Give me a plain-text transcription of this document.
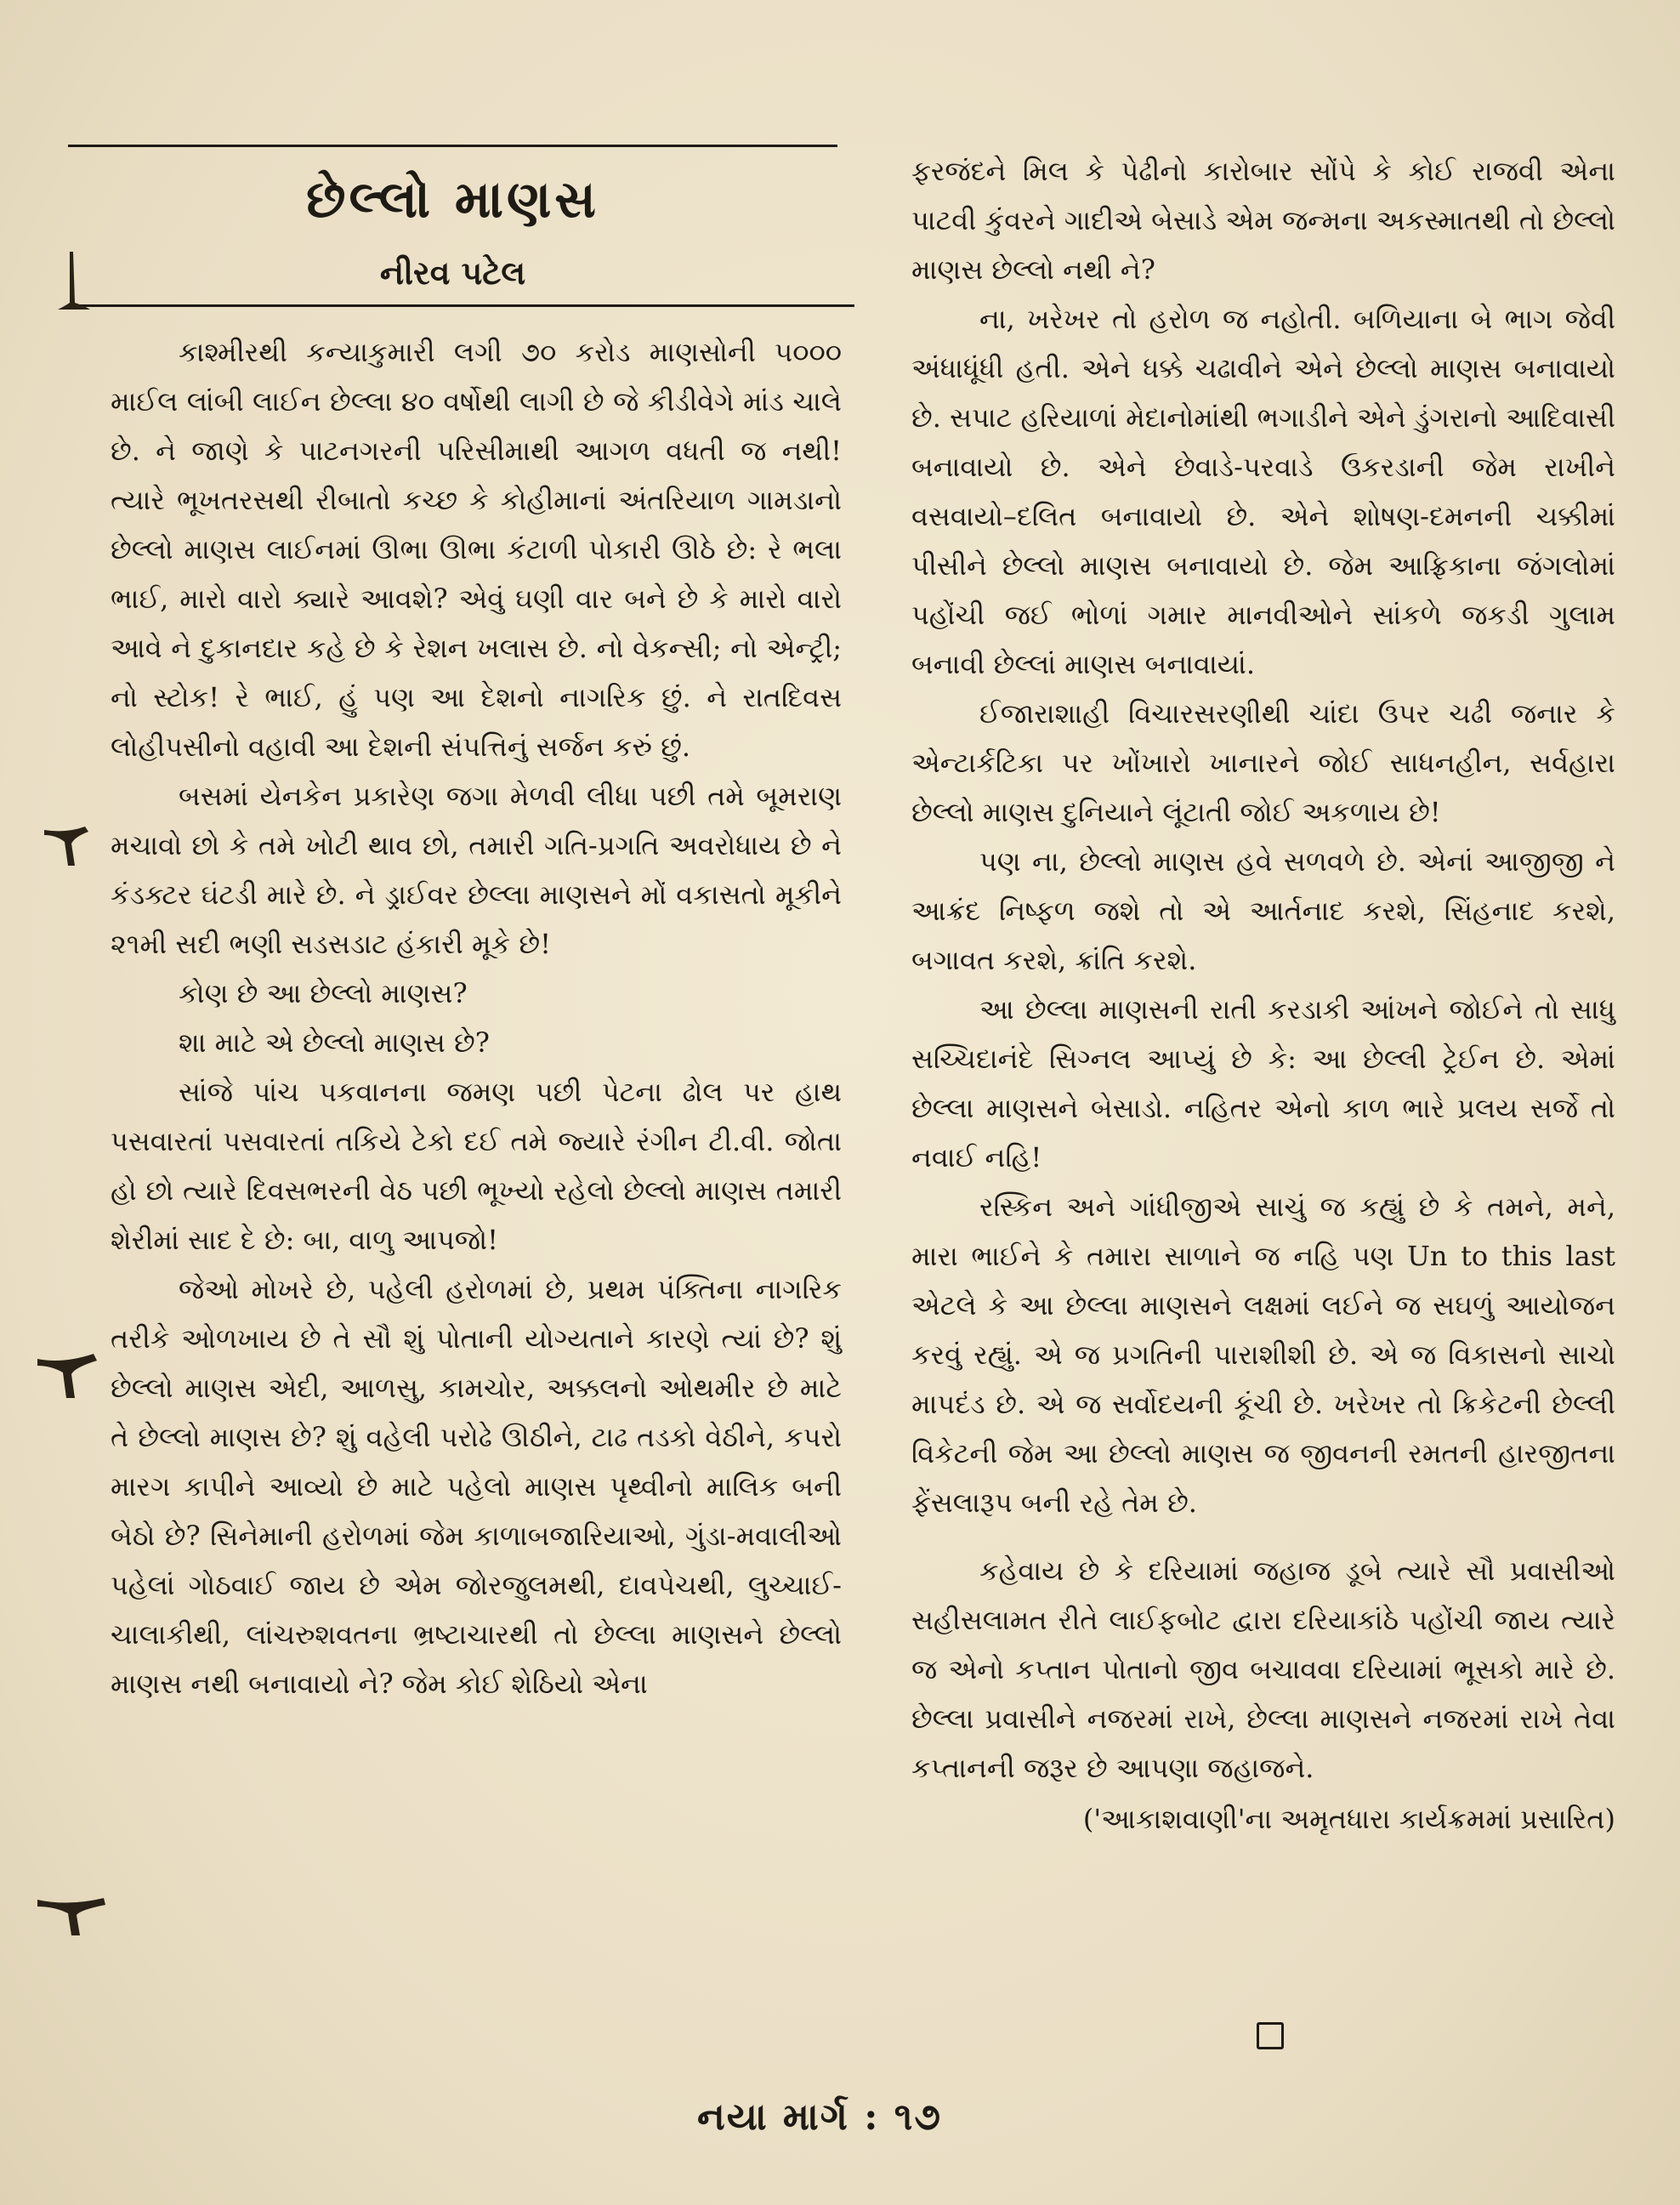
છેલ્લો માણસ
નીરવ પટેલ

કાશ્મીરથી કન્યાકુમારી લગી ૭૦ કરોડ માણસોની ૫૦૦૦ માઈલ લાંબી લાઈન છેલ્લા ૪૦ વર્ષોથી લાગી છે જે કીડીવેગે માંડ ચાલે છે. ને જાણે કે પાટનગરની પરિસીમાથી આગળ વધતી જ નથી! ત્યારે ભૂખતરસથી રીબાતો કચ્છ કે કોહીમાનાં અંતરિયાળ ગામડાનો છેલ્લો માણસ લાઈનમાં ઊભા ઊભા કંટાળી પોકારી ઊઠે છે: રે ભલા ભાઈ, મારો વારો ક્યારે આવશે? એવું ઘણી વાર બને છે કે મારો વારો આવે ને દુકાનદાર કહે છે કે રેશન ખલાસ છે. નો વેકન્સી; નો એન્ટ્રી; નો સ્ટોક! રે ભાઈ, હું પણ આ દેશનો નાગરિક છું. ને રાતદિવસ લોહીપસીનો વહાવી આ દેશની સંપત્તિનું સર્જન કરું છું.

બસમાં યેનકેન પ્રકારેણ જગા મેળવી લીધા પછી તમે બૂમરાણ મચાવો છો કે તમે ખોટી થાવ છો, તમારી ગતિ-પ્રગતિ અવરોધાય છે ને કંડક્ટર ઘંટડી મારે છે. ને ડ્રાઈવર છેલ્લા માણસને મોં વકાસતો મૂકીને ૨૧મી સદી ભણી સડસડાટ હંકારી મૂકે છે!

કોણ છે આ છેલ્લો માણસ?

શા માટે એ છેલ્લો માણસ છે?

સાંજે પાંચ પકવાનના જમણ પછી પેટના ઢોલ પર હાથ પસવારતાં પસવારતાં તકિયે ટેકો દઈ તમે જ્યારે રંગીન ટી.વી. જોતા હો છો ત્યારે દિવસભરની વેઠ પછી ભૂખ્યો રહેલો છેલ્લો માણસ તમારી શેરીમાં સાદ દે છે: બા, વાળુ આપજો!

જેઓ મોખરે છે, પહેલી હરોળમાં છે, પ્રથમ પંક્તિના નાગરિક તરીકે ઓળખાય છે તે સૌ શું પોતાની યોગ્યતાને કારણે ત્યાં છે? શું છેલ્લો માણસ એદી, આળસુ, કામચોર, અક્કલનો ઓથમીર છે માટે તે છેલ્લો માણસ છે? શું વહેલી પરોઢે ઊઠીને, ટાઢ તડકો વેઠીને, કપરો મારગ કાપીને આવ્યો છે માટે પહેલો માણસ પૃથ્વીનો માલિક બની બેઠો છે? સિનેમાની હરોળમાં જેમ કાળાબજારિયાઓ, ગુંડા-મવાલીઓ પહેલાં ગોઠવાઈ જાય છે એમ જોરજુલમથી, દાવપેચથી, લુચ્ચાઈ-ચાલાકીથી, લાંચરુશવતના ભ્રષ્ટાચારથી તો છેલ્લા માણસને છેલ્લો માણસ નથી બનાવાયો ને? જેમ કોઈ શેઠિયો એના

ફરજંદને મિલ કે પેઢીનો કારોબાર સોંપે કે કોઈ રાજવી એના પાટવી કુંવરને ગાદીએ બેસાડે એમ જન્મના અકસ્માતથી તો છેલ્લો માણસ છેલ્લો નથી ને?

ના, ખરેખર તો હરોળ જ નહોતી. બળિયાના બે ભાગ જેવી અંધાધૂંધી હતી. એને ધક્કે ચઢાવીને એને છેલ્લો માણસ બનાવાયો છે. સપાટ હરિયાળાં મેદાનોમાંથી ભગાડીને એને ડુંગરાનો આદિવાસી બનાવાયો છે. એને છેવાડે-પરવાડે ઉકરડાની જેમ રાખીને વસવાયો–દલિત બનાવાયો છે. એને શોષણ-દમનની ચક્કીમાં પીસીને છેલ્લો માણસ બનાવાયો છે. જેમ આફ્રિકાના જંગલોમાં પહોંચી જઈ ભોળાં ગમાર માનવીઓને સાંકળે જકડી ગુલામ બનાવી છેલ્લાં માણસ બનાવાયાં.

ઈજારાશાહી વિચારસરણીથી ચાંદા ઉપર ચઢી જનાર કે એન્ટાર્કટિકા પર ખોંખારો ખાનારને જોઈ સાધનહીન, સર્વહારા છેલ્લો માણસ દુનિયાને લૂંટાતી જોઈ અકળાય છે!

પણ ના, છેલ્લો માણસ હવે સળવળે છે. એનાં આજીજી ને આક્રંદ નિષ્ફળ જશે તો એ આર્તનાદ કરશે, સિંહનાદ કરશે, બગાવત કરશે, ક્રાંતિ કરશે.

આ છેલ્લા માણસની રાતી કરડાકી આંખને જોઈને તો સાધુ સચ્ચિદાનંદે સિગ્નલ આપ્યું છે કે: આ છેલ્લી ટ્રેઈન છે. એમાં છેલ્લા માણસને બેસાડો. નહિતર એનો કાળ ભારે પ્રલય સર્જે તો નવાઈ નહિ!

રસ્કિન અને ગાંધીજીએ સાચું જ કહ્યું છે કે તમને, મને, મારા ભાઈને કે તમારા સાળાને જ નહિ પણ Un to this last એટલે કે આ છેલ્લા માણસને લક્ષમાં લઈને જ સઘળું આયોજન કરવું રહ્યું. એ જ પ્રગતિની પારાશીશી છે. એ જ વિકાસનો સાચો માપદંડ છે. એ જ સર્વોદયની કૂંચી છે. ખરેખર તો ક્રિકેટની છેલ્લી વિકેટની જેમ આ છેલ્લો માણસ જ જીવનની રમતની હારજીતના ફેંસલારૂપ બની રહે તેમ છે.

કહેવાય છે કે દરિયામાં જહાજ ડૂબે ત્યારે સૌ પ્રવાસીઓ સહીસલામત રીતે લાઈફબોટ દ્વારા દરિયાકાંઠે પહોંચી જાય ત્યારે જ એનો કપ્તાન પોતાનો જીવ બચાવવા દરિયામાં ભૂસકો મારે છે. છેલ્લા પ્રવાસીને નજરમાં રાખે, છેલ્લા માણસને નજરમાં રાખે તેવા કપ્તાનની જરૂર છે આપણા જહાજને.

('આકાશવાણી'ના અમૃતધારા કાર્યક્રમમાં પ્રસારિત)

નયા માર્ગ : ૧૭
